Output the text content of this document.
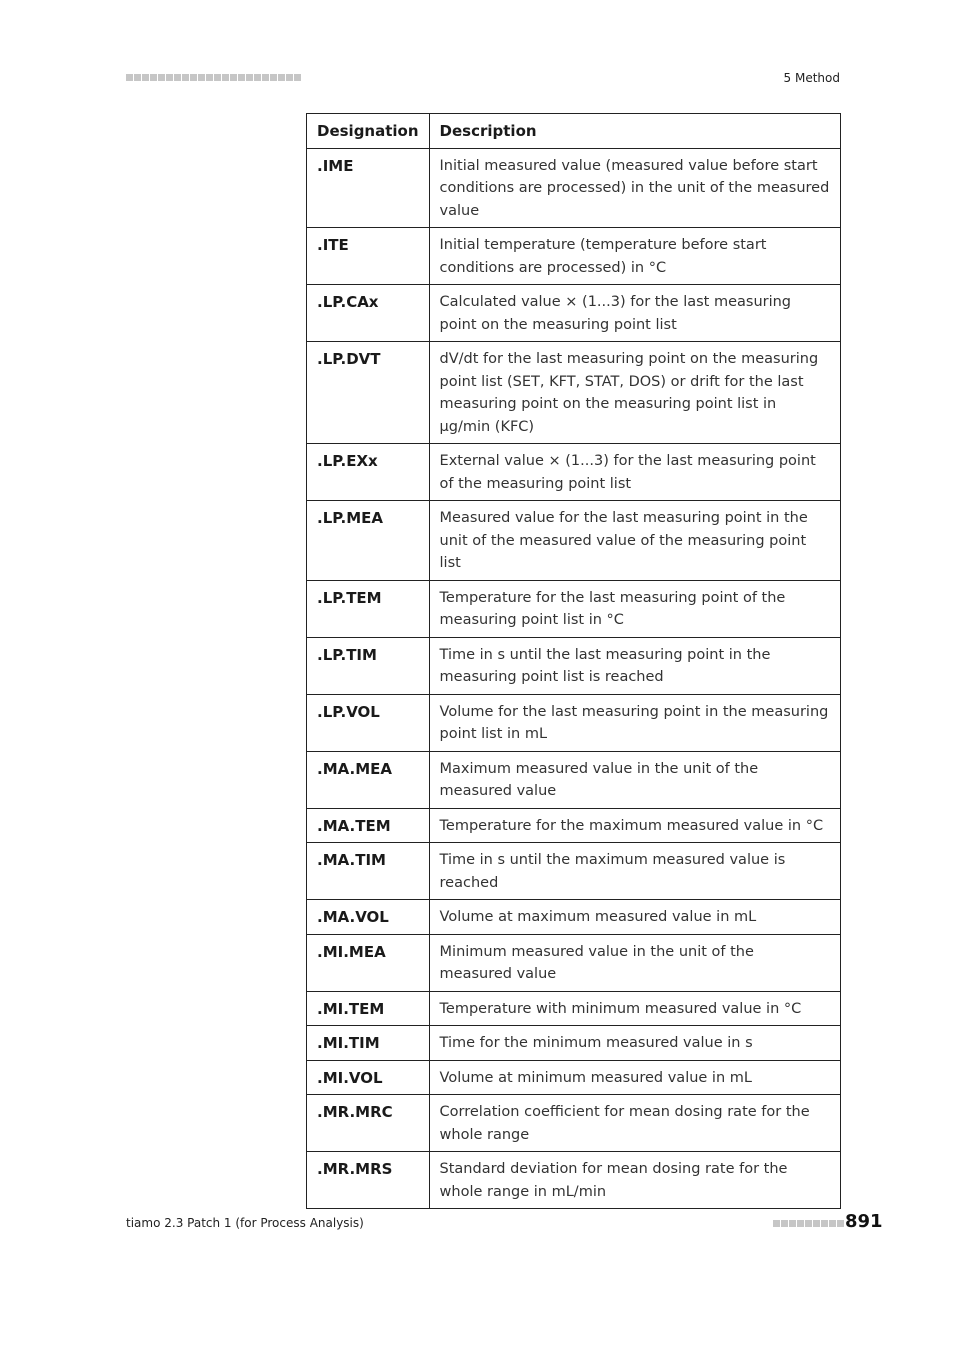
5 Method
Designation	Description
.IME	Initial measured value (measured value before start conditions are processed) in the unit of the measured value
.ITE	Initial temperature (temperature before start conditions are processed) in °C
.LP.CAx	Calculated value × (1...3) for the last measuring point on the measuring point list
.LP.DVT	dV/dt for the last measuring point on the measuring point list (SET, KFT, STAT, DOS) or drift for the last measuring point on the measuring point list in µg/min (KFC)
.LP.EXx	External value × (1...3) for the last measuring point of the measuring point list
.LP.MEA	Measured value for the last measuring point in the unit of the measured value of the measuring point list
.LP.TEM	Temperature for the last measuring point of the measuring point list in °C
.LP.TIM	Time in s until the last measuring point in the measuring point list is reached
.LP.VOL	Volume for the last measuring point in the measuring point list in mL
.MA.MEA	Maximum measured value in the unit of the measured value
.MA.TEM	Temperature for the maximum measured value in °C
.MA.TIM	Time in s until the maximum measured value is reached
.MA.VOL	Volume at maximum measured value in mL
.MI.MEA	Minimum measured value in the unit of the measured value
.MI.TEM	Temperature with minimum measured value in °C
.MI.TIM	Time for the minimum measured value in s
.MI.VOL	Volume at minimum measured value in mL
.MR.MRC	Correlation coefficient for mean dosing rate for the whole range
.MR.MRS	Standard deviation for mean dosing rate for the whole range in mL/min
tiamo 2.3 Patch 1 (for Process Analysis)	891
